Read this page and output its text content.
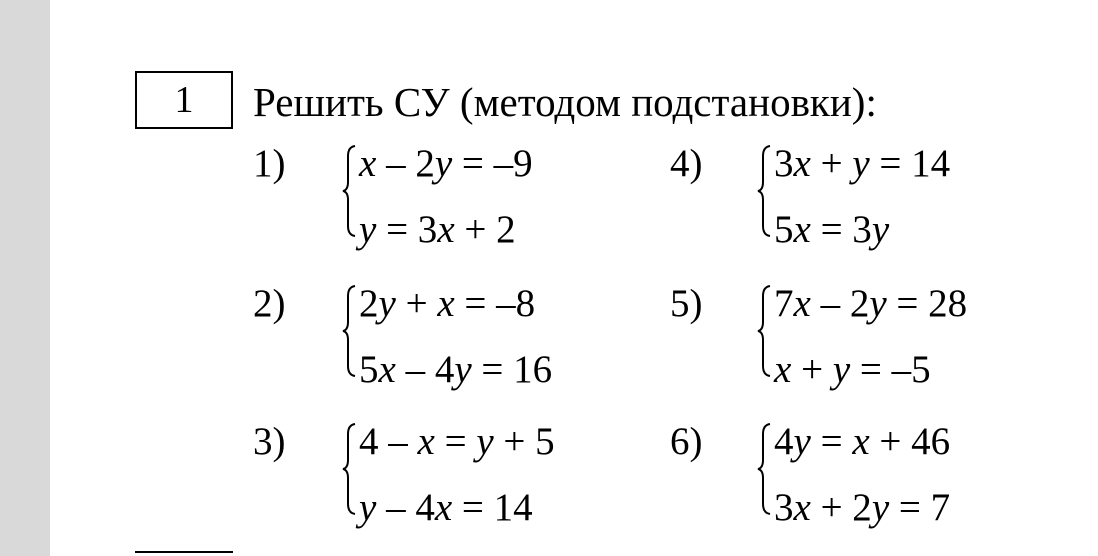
1 Решить СУ (методом подстановки):
1) x – 2y = –9
y = 3x + 2
2) 2y + x = –8
5x – 4y = 16
3) 4 – x = y + 5
y – 4x = 14
4) 3x + y = 14
5x = 3y
5) 7x – 2y = 28
x + y = –5
6) 4y = x + 46
3x + 2y = 7
